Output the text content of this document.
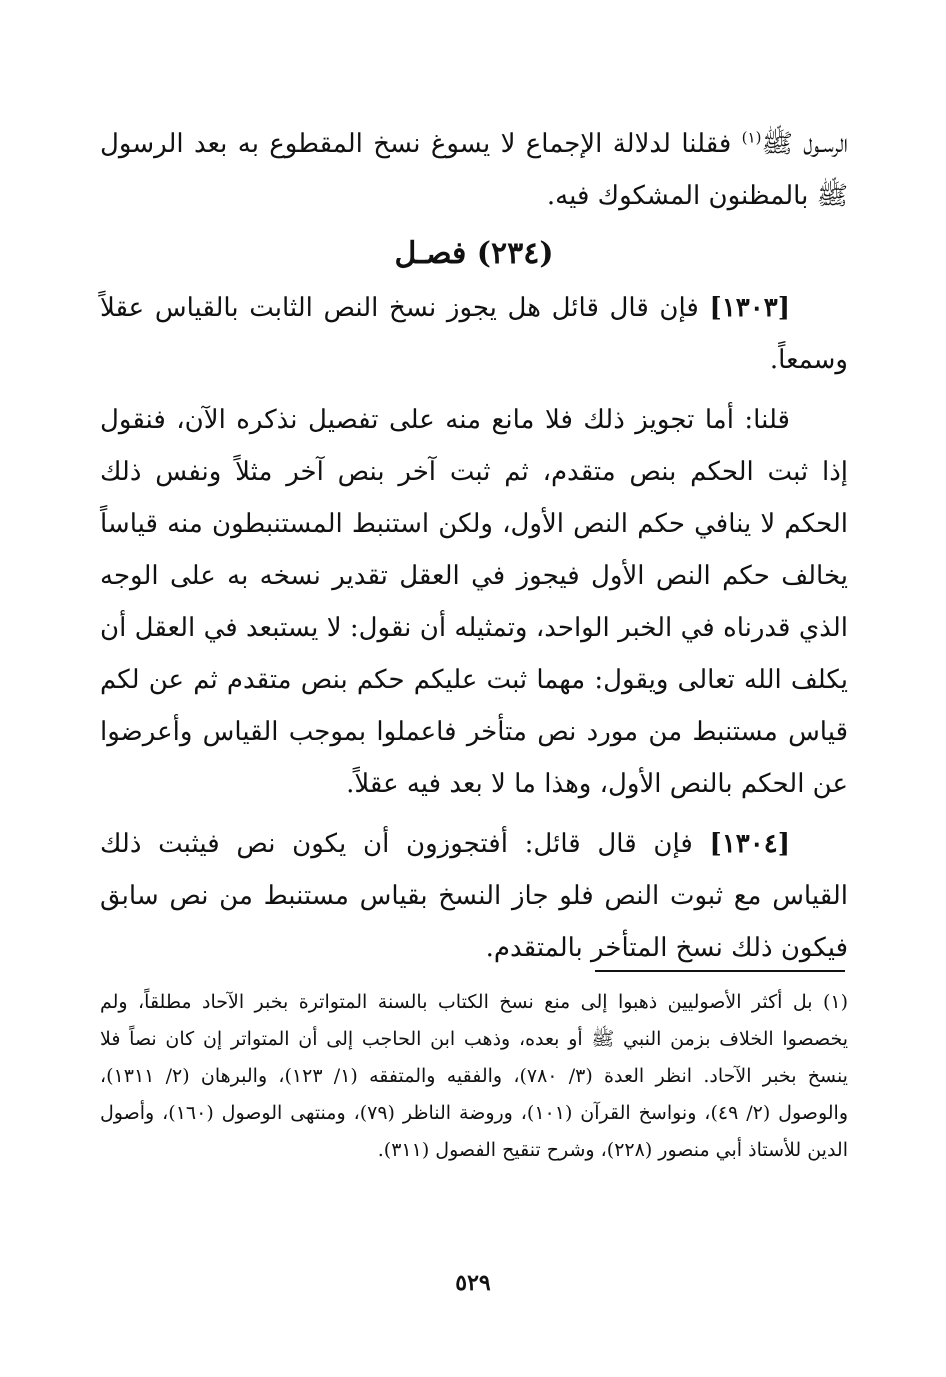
الرسـول ﷺ$^{(١)}$ فقلنا لدلالة الإجماع لا يسوغ نسخ المقطوع به بعد الرسول ﷺ بالمظنون المشكوك فيه.

(٢٣٤) فصـل

[١٣٠٣] فإن قال قائل هل يجوز نسخ النص الثابت بالقياس عقلاً وسمعاً.

قلنا: أما تجويز ذلك فلا مانع منه على تفصيل نذكره الآن، فنقول إذا ثبت الحكم بنص متقدم، ثم ثبت آخر بنص آخر مثلاً ونفس ذلك الحكم لا ينافي حكم النص الأول، ولكن استنبط المستنبطون منه قياساً يخالف حكم النص الأول فيجوز في العقل تقدير نسخه به على الوجه الذي قدرناه في الخبر الواحد، وتمثيله أن نقول: لا يستبعد في العقل أن يكلف الله تعالى ويقول: مهما ثبت عليكم حكم بنص متقدم ثم عن لكم قياس مستنبط من مورد نص متأخر فاعملوا بموجب القياس وأعرضوا عن الحكم بالنص الأول، وهذا ما لا بعد فيه عقلاً.

[١٣٠٤] فإن قال قائل: أفتجوزون أن يكون نص فيثبت ذلك القياس مع ثبوت النص فلو جاز النسخ بقياس مستنبط من نص سابق فيكون ذلك نسخ المتأخر بالمتقدم.

(١) بل أكثر الأصوليين ذهبوا إلى منع نسخ الكتاب بالسنة المتواترة بخبر الآحاد مطلقاً، ولم يخصصوا الخلاف بزمن النبي ﷺ أو بعده، وذهب ابن الحاجب إلى أن المتواتر إن كان نصاً فلا ينسخ بخبر الآحاد. انظر العدة (٣/ ٧٨٠)، والفقيه والمتفقه (١/ ١٢٣)، والبرهان (٢/ ١٣١١)، والوصول (٢/ ٤٩)، ونواسخ القرآن (١٠١)، وروضة الناظر (٧٩)، ومنتهى الوصول (١٦٠)، وأصول الدين للأستاذ أبي منصور (٢٢٨)، وشرح تنقيح الفصول (٣١١).

٥٢٩
